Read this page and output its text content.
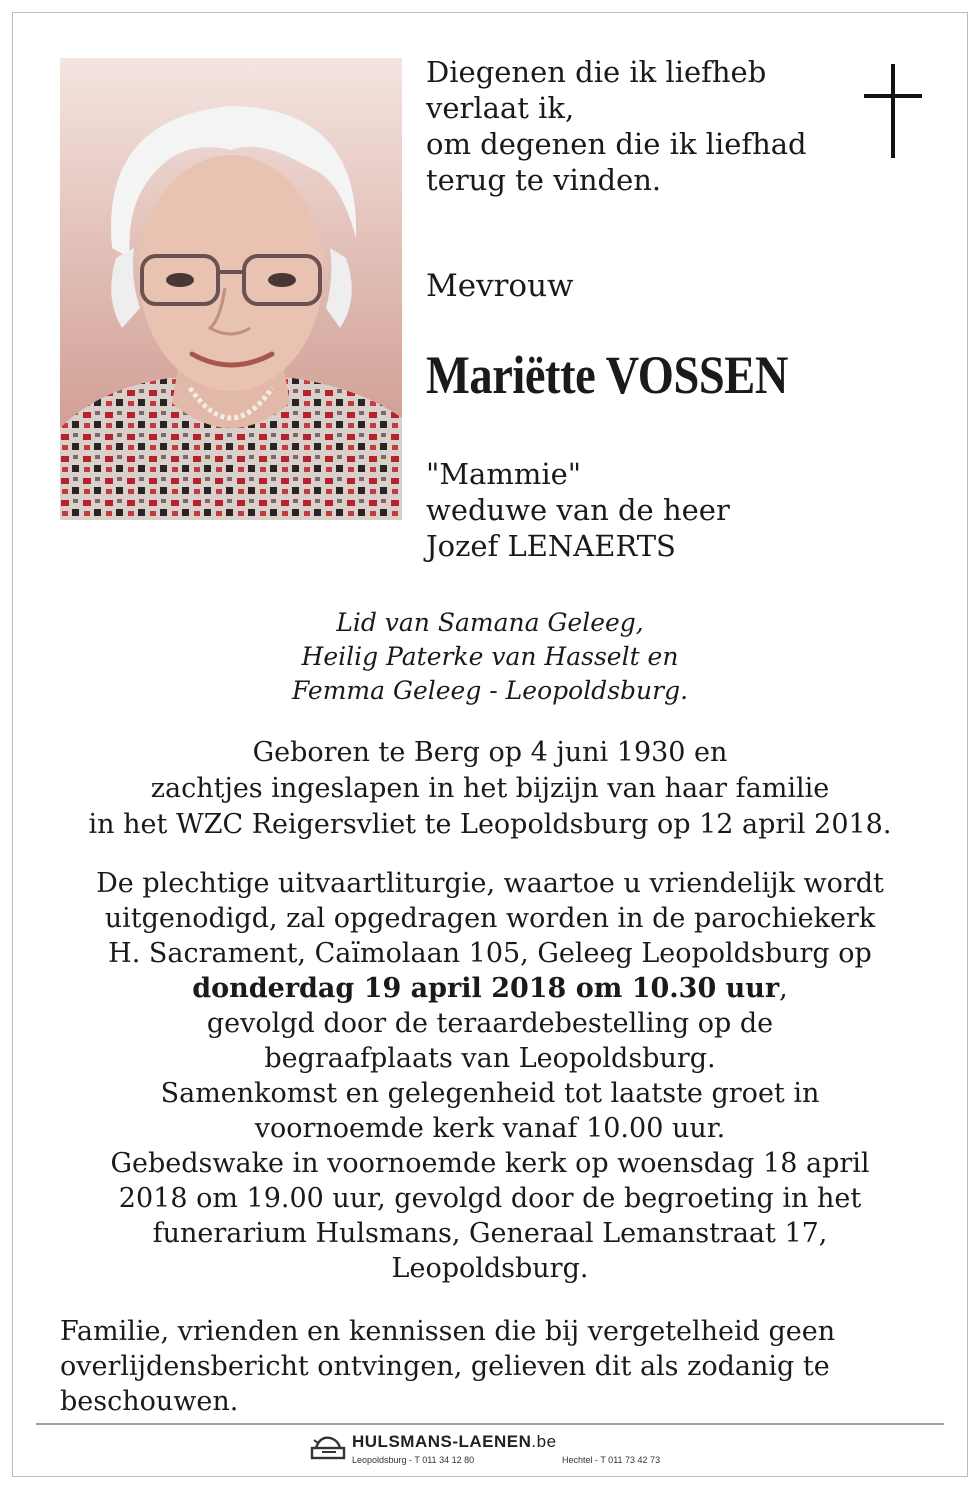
Diegenen die ik liefheb
verlaat ik,
om degenen die ik liefhad
terug te vinden.
Mevrouw
Mariëtte VOSSEN
"Mammie"
weduwe van de heer
Jozef LENAERTS
Lid van Samana Geleeg,
Heilig Paterke van Hasselt en
Femma Geleeg - Leopoldsburg.
Geboren te Berg op 4 juni 1930 en
zachtjes ingeslapen in het bijzijn van haar familie
in het WZC Reigersvliet te Leopoldsburg op 12 april 2018.
De plechtige uitvaartliturgie, waartoe u vriendelijk wordt
uitgenodigd, zal opgedragen worden in de parochiekerk
H. Sacrament, Caïmolaan 105, Geleeg Leopoldsburg op
donderdag 19 april 2018 om 10.30 uur,
gevolgd door de teraardebestelling op de
begraafplaats van Leopoldsburg.
Samenkomst en gelegenheid tot laatste groet in
voornoemde kerk vanaf 10.00 uur.
Gebedswake in voornoemde kerk op woensdag 18 april
2018 om 19.00 uur, gevolgd door de begroeting in het
funerarium Hulsmans, Generaal Lemanstraat 17,
Leopoldsburg.
Familie, vrienden en kennissen die bij vergetelheid geen
overlijdensbericht ontvingen, gelieven dit als zodanig te
beschouwen.
HULSMANS-LAENEN.be
Leopoldsburg - T 011 34 12 80	Hechtel - T 011 73 42 73
